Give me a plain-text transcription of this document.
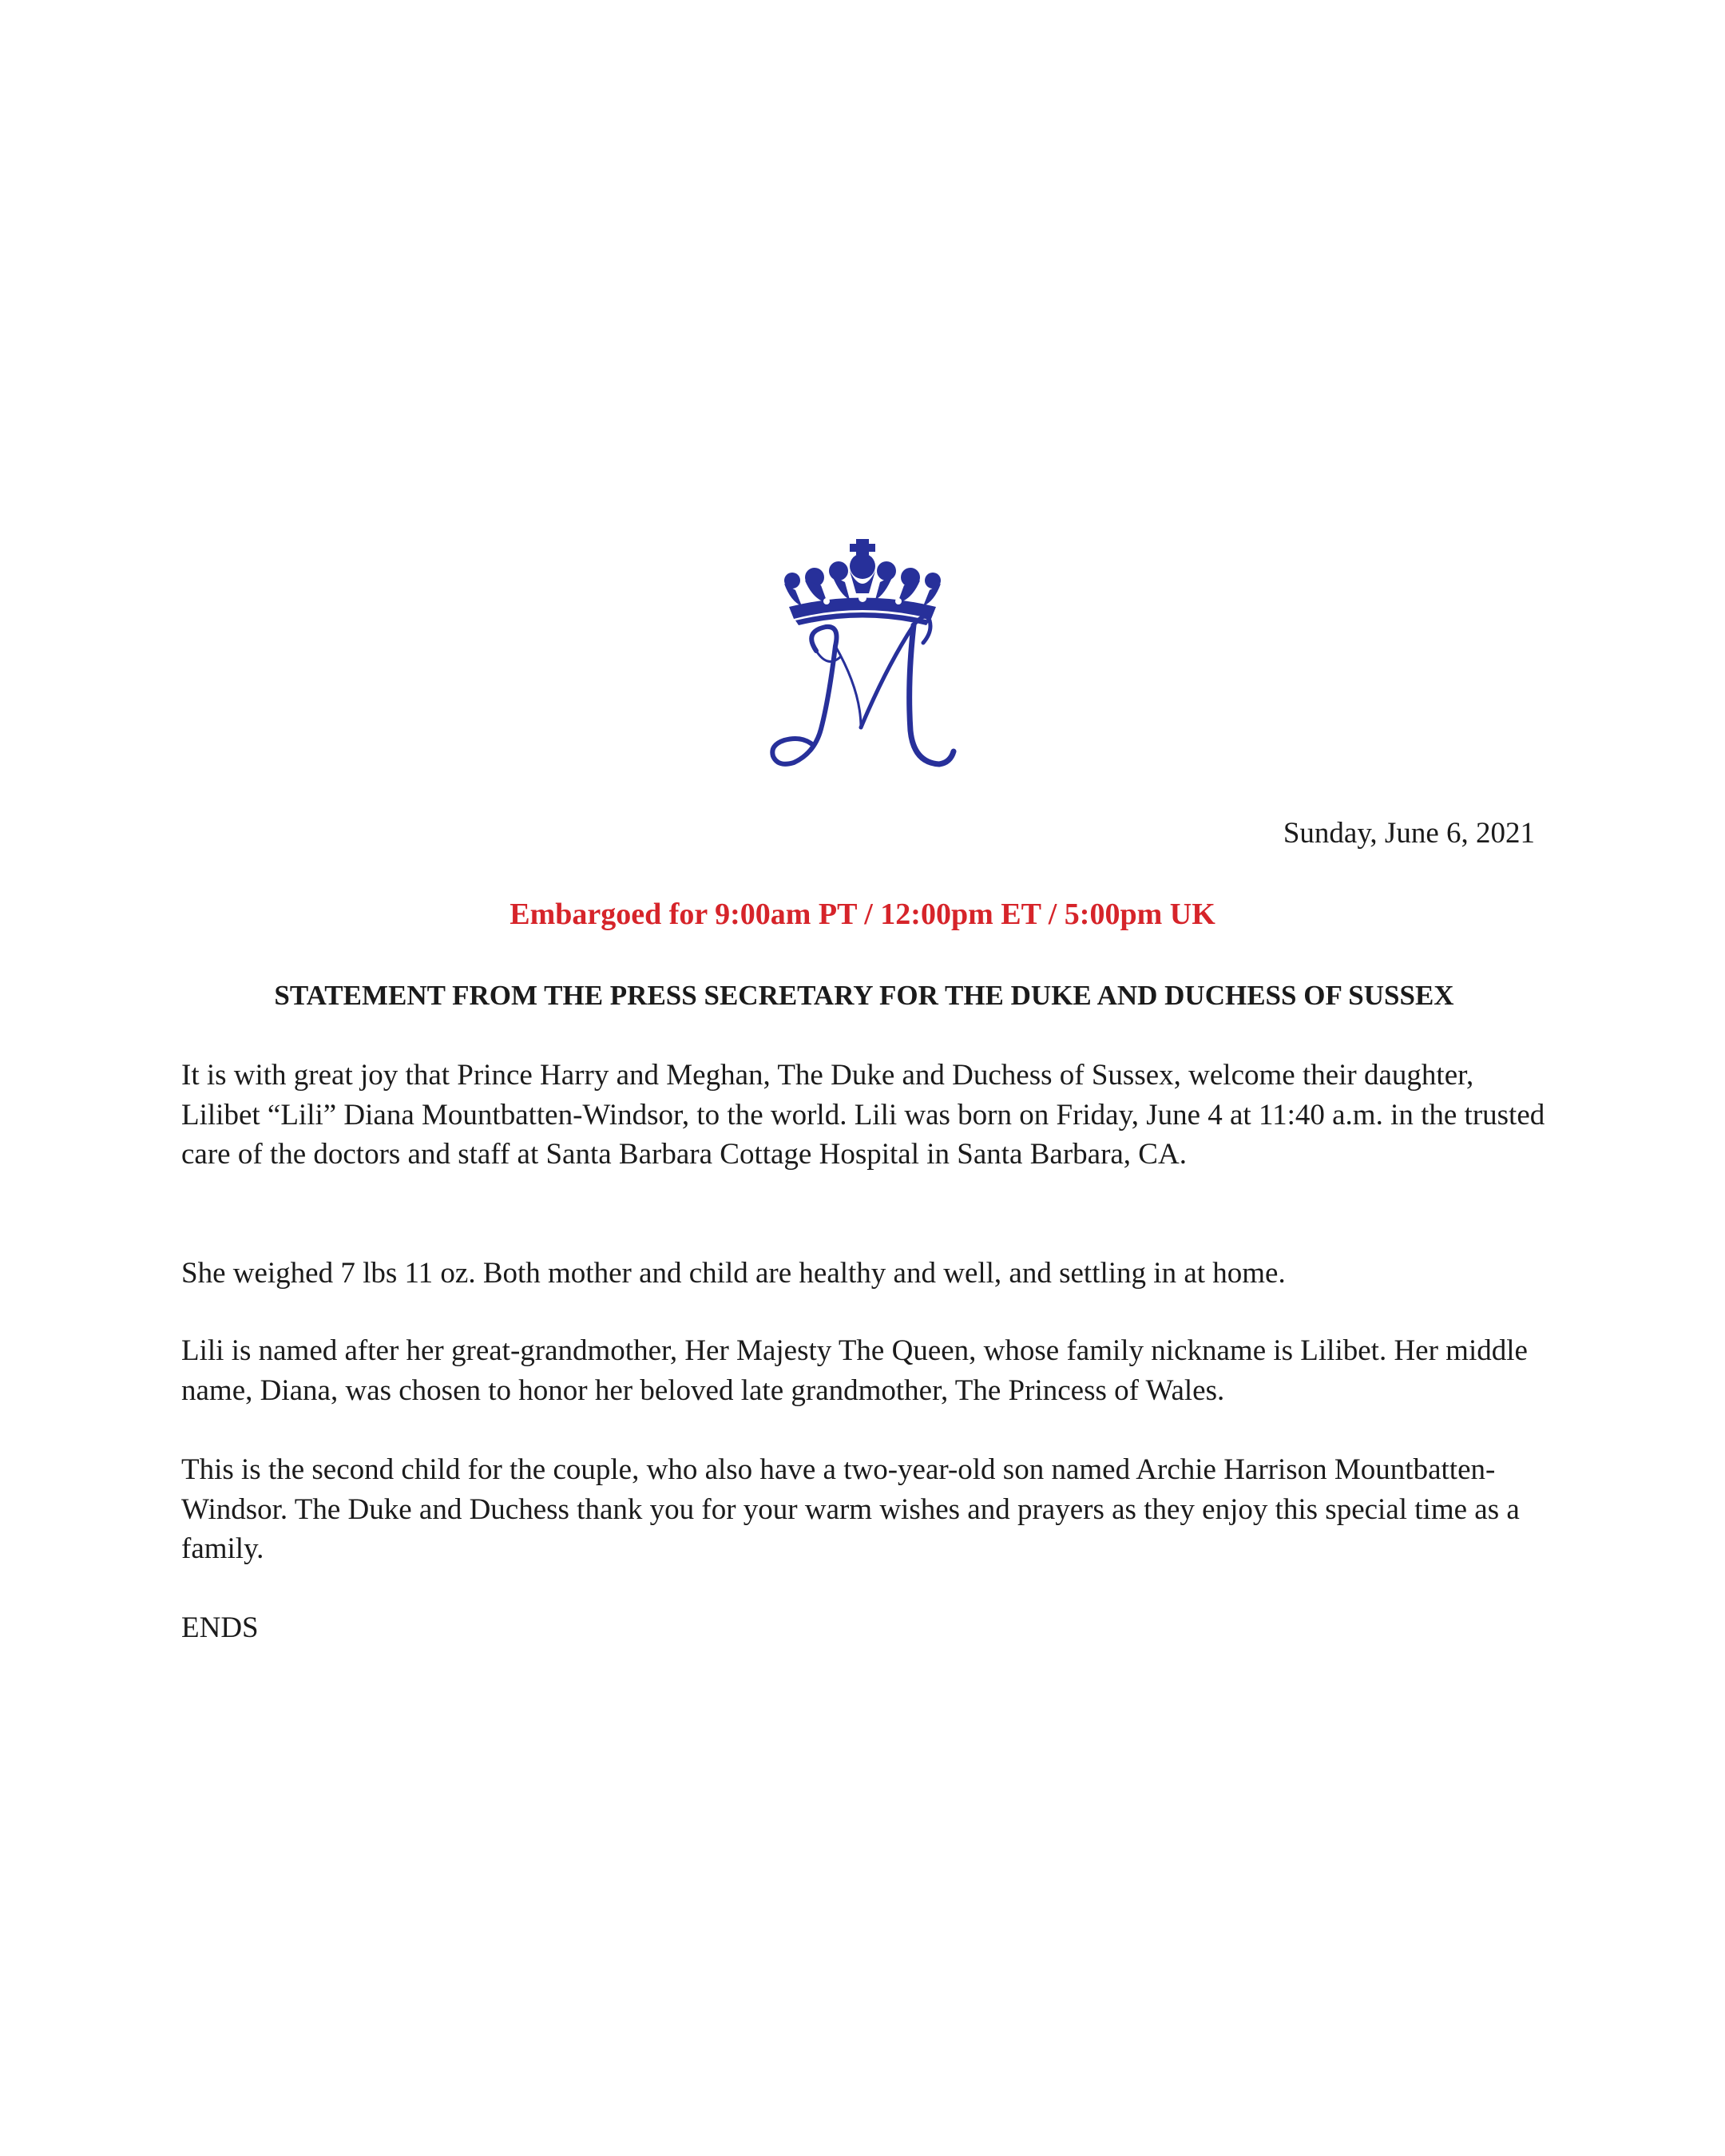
Sunday, June 6, 2021
Embargoed for 9:00am PT / 12:00pm ET / 5:00pm UK
STATEMENT FROM THE PRESS SECRETARY FOR THE DUKE AND DUCHESS OF SUSSEX

It is with great joy that Prince Harry and Meghan, The Duke and Duchess of Sussex, welcome their daughter, Lilibet “Lili” Diana Mountbatten-Windsor, to the world. Lili was born on Friday, June 4 at 11:40 a.m. in the trusted care of the doctors and staff at Santa Barbara Cottage Hospital in Santa Barbara, CA.

She weighed 7 lbs 11 oz. Both mother and child are healthy and well, and settling in at home.

Lili is named after her great-grandmother, Her Majesty The Queen, whose family nickname is Lilibet. Her middle name, Diana, was chosen to honor her beloved late grandmother, The Princess of Wales.

This is the second child for the couple, who also have a two-year-old son named Archie Harrison Mountbatten-Windsor. The Duke and Duchess thank you for your warm wishes and prayers as they enjoy this special time as a family.

ENDS
